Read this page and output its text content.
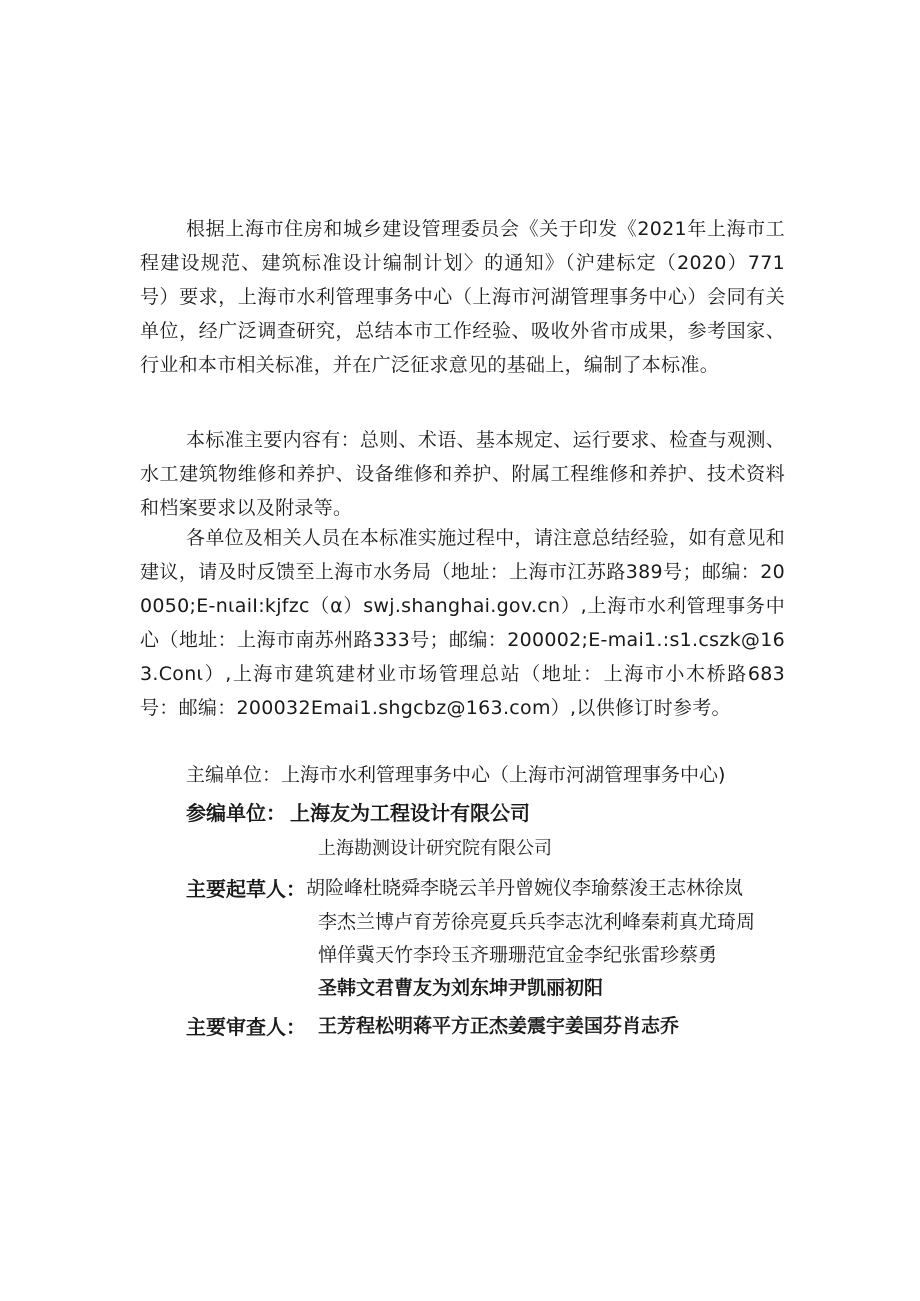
根据上海市住房和城乡建设管理委员会《关于印发《2021年上海市工程建设规范、建筑标准设计编制计划〉的通知》（沪建标定（2020）771号）要求，上海市水利管理事务中心（上海市河湖管理事务中心）会同有关单位，经广泛调查研究，总结本市工作经验、吸收外省市成果，参考国家、行业和本市相关标准，并在广泛征求意见的基础上，编制了本标准。

本标准主要内容有：总则、术语、基本规定、运行要求、检查与观测、水工建筑物维修和养护、设备维修和养护、附属工程维修和养护、技术资料和档案要求以及附录等。

各单位及相关人员在本标准实施过程中，请注意总结经验，如有意见和建议，请及时反馈至上海市水务局（地址：上海市江苏路389号；邮编：200050;E-nιaiI:kjfzc（α）swj.shanghai.gov.cn）,上海市水利管理事务中心（地址：上海市南苏州路333号；邮编：200002;E-mai1.:s1.cszk@163.Conι）,上海市建筑建材业市场管理总站（地址：上海市小木桥路683号：邮编：200032Emai1.shgcbz@163.com）,以供修订时参考。

主编单位：上海市水利管理事务中心（上海市河湖管理事务中心)

参编单位： 上海友为工程设计有限公司
上海勘测设计研究院有限公司
主要起草人： 胡险峰杜晓舜李晓云羊丹曾婉仪李瑜蔡浚王志林徐岚
李杰兰博卢育芳徐亮夏兵兵李志沈利峰秦莉真尤琦周
惮佯冀天竹李玲玉齐珊珊范宜金李纪张雷珍蔡勇
圣韩文君曹友为刘东坤尹凯丽初阳
主要审查人： 王芳程松明蒋平方正杰姜震宇姜国芬肖志乔
